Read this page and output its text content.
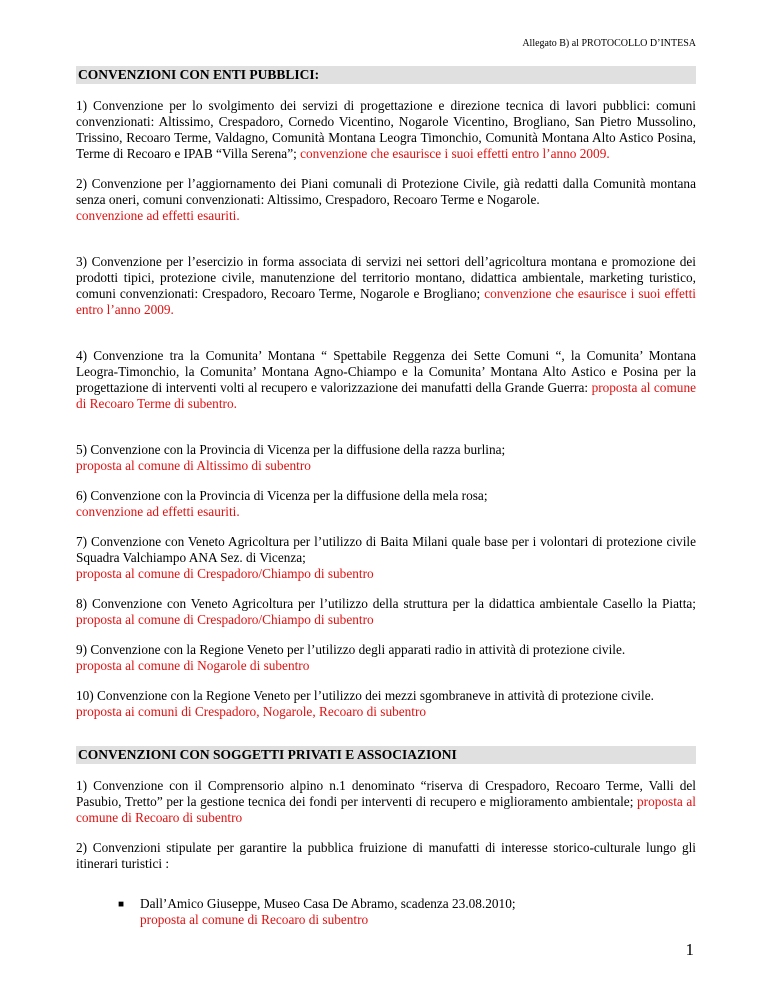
Allegato B) al PROTOCOLLO D’INTESA
CONVENZIONI CON ENTI PUBBLICI:

1) Convenzione per lo svolgimento dei servizi di progettazione e direzione tecnica di lavori pubblici: comuni convenzionati: Altissimo, Crespadoro, Cornedo Vicentino, Nogarole Vicentino, Brogliano, San Pietro Mussolino, Trissino, Recoaro Terme, Valdagno, Comunità Montana Leogra Timonchio, Comunità Montana Alto Astico Posina, Terme di Recoaro e IPAB “Villa Serena”; convenzione che esaurisce i suoi effetti entro l’anno 2009.

2) Convenzione per l’aggiornamento dei Piani comunali di Protezione Civile, già redatti dalla Comunità montana senza oneri, comuni convenzionati: Altissimo, Crespadoro, Recoaro Terme e Nogarole.
convenzione ad effetti esauriti.

3) Convenzione per l’esercizio in forma associata di servizi nei settori dell’agricoltura montana e promozione dei prodotti tipici, protezione civile, manutenzione del territorio montano, didattica ambientale, marketing turistico, comuni convenzionati: Crespadoro, Recoaro Terme, Nogarole e Brogliano; convenzione che esaurisce i suoi effetti entro l’anno 2009.

4) Convenzione tra la Comunita’ Montana “ Spettabile Reggenza dei Sette Comuni “, la Comunita’ Montana Leogra-Timonchio, la Comunita’ Montana Agno-Chiampo e la Comunita’ Montana Alto Astico e Posina per la progettazione di interventi volti al recupero e valorizzazione dei manufatti della Grande Guerra: proposta al comune di Recoaro Terme di subentro.

5) Convenzione con la Provincia di Vicenza per la diffusione della razza burlina;
proposta al comune di Altissimo di subentro

6) Convenzione con la Provincia di Vicenza per la diffusione della mela rosa;
convenzione ad effetti esauriti.

7) Convenzione con Veneto Agricoltura per l’utilizzo di Baita Milani quale base per i volontari di protezione civile Squadra Valchiampo ANA Sez. di Vicenza;
proposta al comune di Crespadoro/Chiampo di subentro

8) Convenzione con Veneto Agricoltura per l’utilizzo della struttura per la didattica ambientale Casello la Piatta; proposta al comune di Crespadoro/Chiampo di subentro

9) Convenzione con la Regione Veneto per l’utilizzo degli apparati radio in attività di protezione civile.
proposta al comune di Nogarole di subentro

10) Convenzione con la Regione Veneto per l’utilizzo dei mezzi sgombraneve in attività di protezione civile.
proposta ai comuni di Crespadoro, Nogarole, Recoaro di subentro

CONVENZIONI CON SOGGETTI PRIVATI E ASSOCIAZIONI

1) Convenzione con il Comprensorio alpino n.1 denominato “riserva di Crespadoro, Recoaro Terme, Valli del Pasubio, Tretto” per la gestione tecnica dei fondi per interventi di recupero e miglioramento ambientale; proposta al comune di Recoaro di subentro

2) Convenzioni stipulate per garantire la pubblica fruizione di manufatti di interesse storico-culturale lungo gli itinerari turistici :

■ Dall’Amico Giuseppe, Museo Casa De Abramo, scadenza 23.08.2010;
proposta al comune di Recoaro di subentro
1
